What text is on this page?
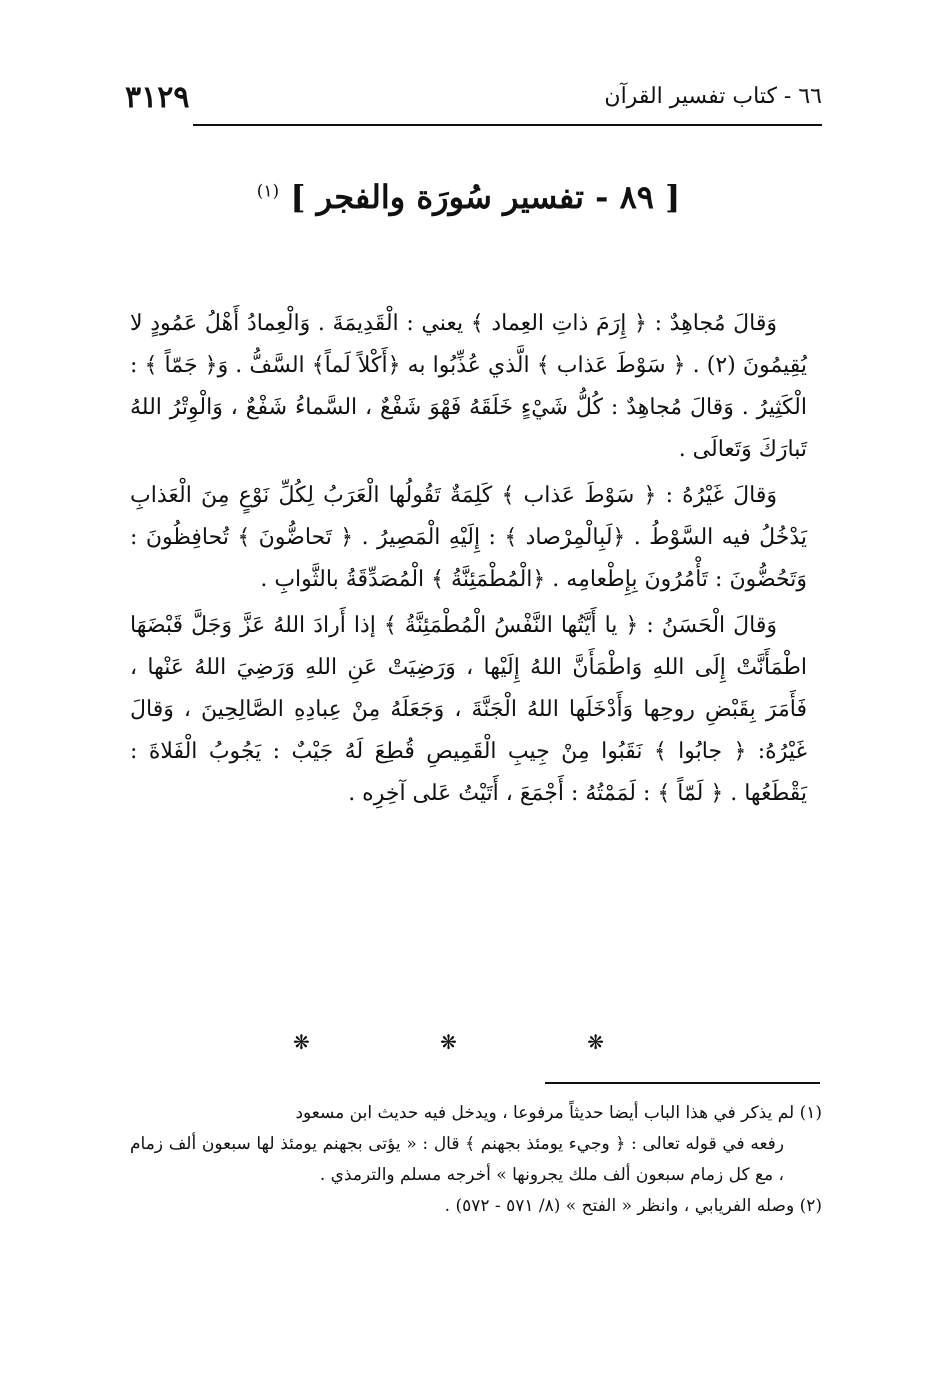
٣١٢٩	٦٦ - كتاب تفسير القرآن
[ ٨٩ - تفسير سُورَة والفجر ] $^{(١)}$

وَقالَ مُجاهِدٌ : ﴿ إِرَمَ ذاتِ العِماد ﴾ يعني : الْقَدِيمَةَ . وَالْعِمادُ أَهْلُ عَمُودٍ لا يُقِيمُونَ (٢) . ﴿ سَوْطَ عَذاب ﴾ الَّذي عُذِّبُوا به ﴿أَكْلاً لَماً﴾ السَّفُّ . وَ﴿ جَمّاً ﴾ : الْكَثِيرُ . وَقالَ مُجاهِدٌ : كُلُّ شَيْءٍ خَلَقَهُ فَهْوَ شَفْعٌ ، السَّماءُ شَفْعٌ ، وَالْوِتْرُ اللهُ تَبارَكَ وَتَعالَى .

وَقالَ غَيْرُهُ : ﴿ سَوْطَ عَذاب ﴾ كَلِمَةٌ تَقُولُها الْعَرَبُ لِكُلِّ نَوْعٍ مِنَ الْعَذابِ يَدْخُلُ فيه السَّوْطُ . ﴿لَبِالْمِرْصاد ﴾ : إِلَيْهِ الْمَصِيرُ . ﴿ تَحاضُّونَ ﴾ تُحافِظُونَ : وَتَحُضُّونَ : تَأْمُرُونَ بِإِطْعامِه . ﴿الْمُطْمَئِنَّةُ ﴾ الْمُصَدِّقَةُ بالثَّوابِ .

وَقالَ الْحَسَنُ : ﴿ يا أَيَّتُها النَّفْسُ الْمُطْمَئِنَّةُ ﴾ إذا أَرادَ اللهُ عَزَّ وَجَلَّ قَبْضَهَا اطْمَأَنَّتْ إِلَى اللهِ وَاطْمَأَنَّ اللهُ إِلَيْها ، وَرَضِيَتْ عَنِ اللهِ وَرَضِيَ اللهُ عَنْها ، فَأَمَرَ بِقَبْضِ روحِها وَأَدْخَلَها اللهُ الْجَنَّةَ ، وَجَعَلَهُ مِنْ عِبادِهِ الصَّالِحِينَ ، وَقالَ غَيْرُهُ: ﴿ جابُوا ﴾ نَقَبُوا مِنْ جِيبِ الْقَمِيصِ قُطِعَ لَهُ جَيْبٌ : يَجُوبُ الْفَلاةَ : يَقْطَعُها . ﴿ لَمّاً ﴾ : لَمَمْتُهُ : أَجْمَعَ ، أَتَيْتُ عَلى آخِرِه .

❋	❋	❋

(١) لم يذكر في هذا الباب أيضا حديثاً مرفوعا ، ويدخل فيه حديث ابن مسعود

رفعه في قوله تعالى : ﴿ وجيء يومئذ بجهنم ﴾ قال : « يؤتى بجهنم يومئذ لها سبعون ألف زمام ، مع كل زمام سبعون ألف ملك يجرونها » أخرجه مسلم والترمذي .

(٢) وصله الفريابي ، وانظر « الفتح » (٨/ ٥٧١ - ٥٧٢) .
